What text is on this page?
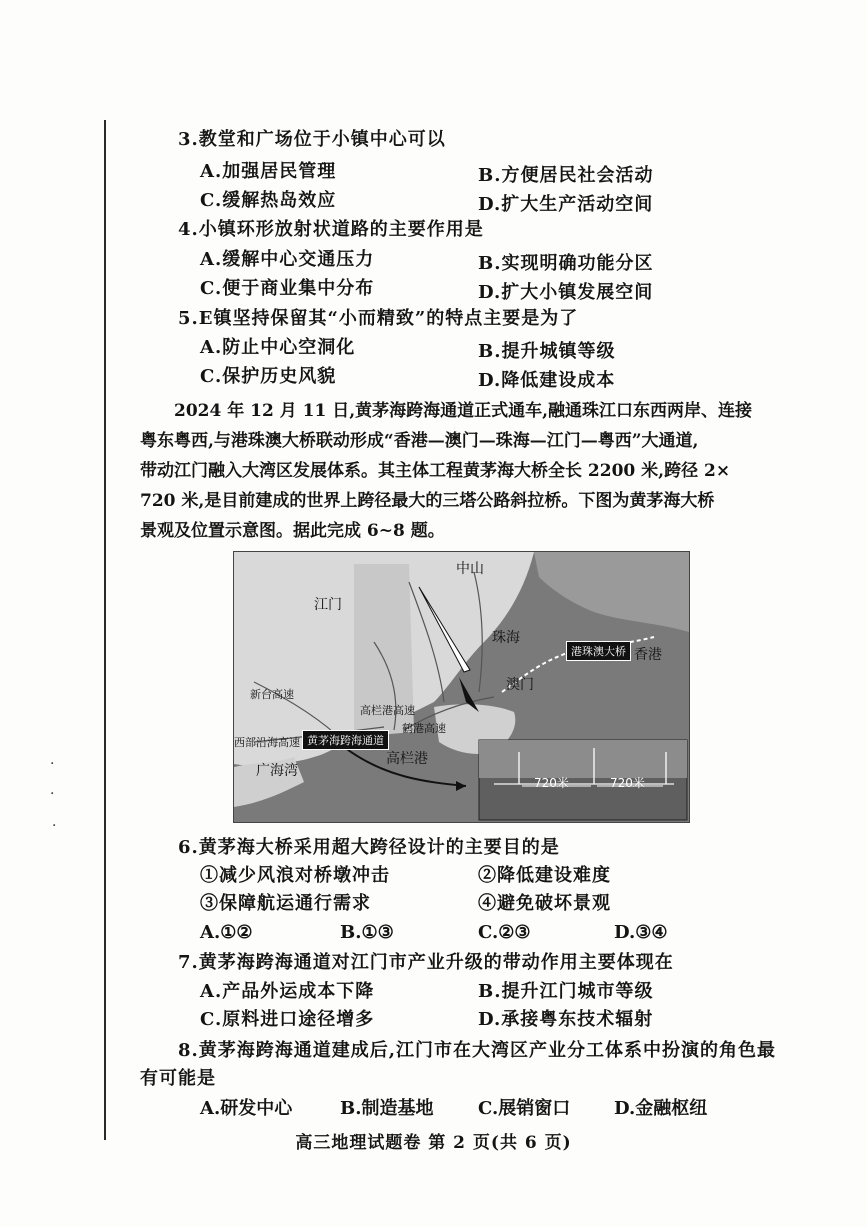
·
·
·
3.教堂和广场位于小镇中心可以
A.加强居民管理	B.方便居民社会活动
C.缓解热岛效应	D.扩大生产活动空间
4.小镇环形放射状道路的主要作用是
A.缓解中心交通压力	B.实现明确功能分区
C.便于商业集中分布	D.扩大小镇发展空间
5.E镇坚持保留其“小而精致”的特点主要是为了
A.防止中心空洞化	B.提升城镇等级
C.保护历史风貌	D.降低建设成本

2024 年 12 月 11 日,黄茅海跨海通道正式通车,融通珠江口东西两岸、连接

粤东粤西,与港珠澳大桥联动形成“香港—澳门—珠海—江门—粤西”大通道,
带动江门融入大湾区发展体系。其主体工程黄茅海大桥全长 2200 米,跨径 2×
720 米,是目前建成的世界上跨径最大的三塔公路斜拉桥。下图为黄茅海大桥
景观及位置示意图。据此完成 6~8 题。
中山
江门
珠海
港珠澳大桥 香港
澳门
新台高速
高栏港高速
鹤港高速
西部沿海高速 黄茅海跨海通道
高栏港
广海湾
720米	720米
6.黄茅海大桥采用超大跨径设计的主要目的是
①减少风浪对桥墩冲击	②降低建设难度
③保障航运通行需求	④避免破坏景观
A.①②	B.①③	C.②③	D.③④
7.黄茅海跨海通道对江门市产业升级的带动作用主要体现在
A.产品外运成本下降	B.提升江门城市等级
C.原料进口途径增多	D.承接粤东技术辐射
8.黄茅海跨海通道建成后,江门市在大湾区产业分工体系中扮演的角色最
有可能是
A.研发中心	B.制造基地 C.展销窗口 D.金融枢纽
高三地理试题卷 第 2 页(共 6 页)
